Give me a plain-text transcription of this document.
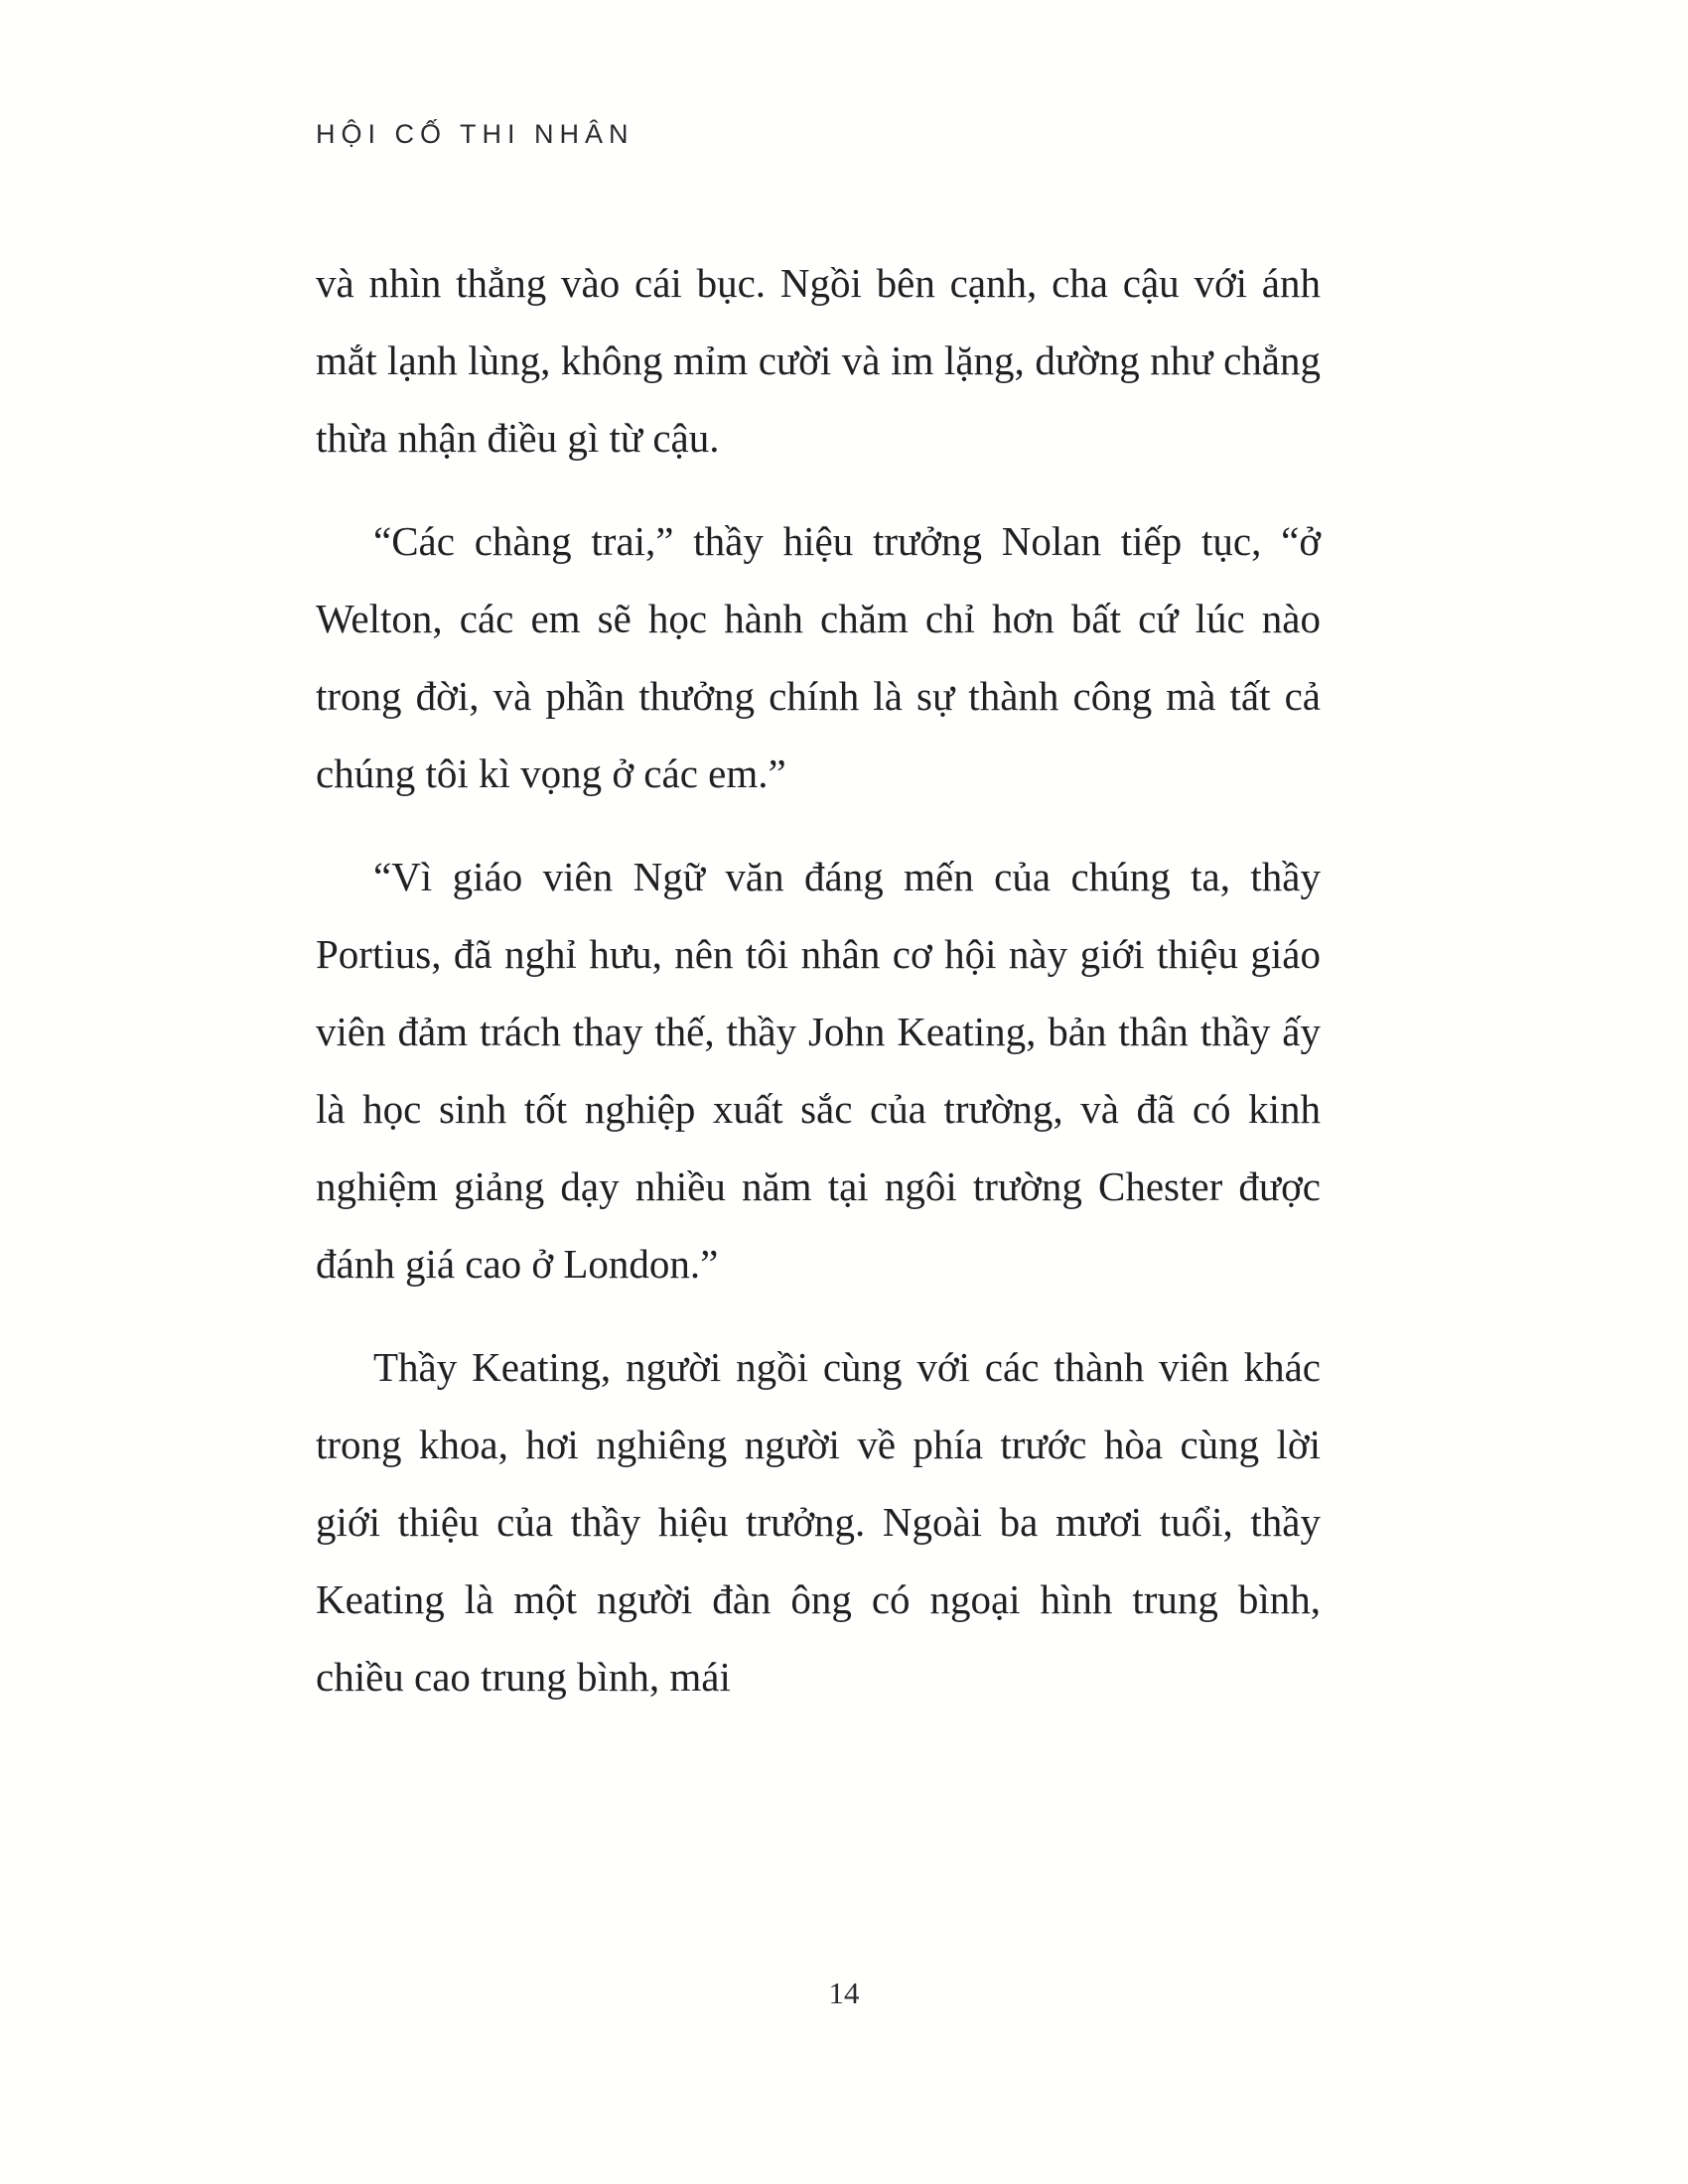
HỘI CỐ THI NHÂN

và nhìn thẳng vào cái bục. Ngồi bên cạnh, cha cậu với ánh mắt lạnh lùng, không mỉm cười và im lặng, dường như chẳng thừa nhận điều gì từ cậu.

“Các chàng trai,” thầy hiệu trưởng Nolan tiếp tục, “ở Welton, các em sẽ học hành chăm chỉ hơn bất cứ lúc nào trong đời, và phần thưởng chính là sự thành công mà tất cả chúng tôi kì vọng ở các em.”

“Vì giáo viên Ngữ văn đáng mến của chúng ta, thầy Portius, đã nghỉ hưu, nên tôi nhân cơ hội này giới thiệu giáo viên đảm trách thay thế, thầy John Keating, bản thân thầy ấy là học sinh tốt nghiệp xuất sắc của trường, và đã có kinh nghiệm giảng dạy nhiều năm tại ngôi trường Chester được đánh giá cao ở London.”

Thầy Keating, người ngồi cùng với các thành viên khác trong khoa, hơi nghiêng người về phía trước hòa cùng lời giới thiệu của thầy hiệu trưởng. Ngoài ba mươi tuổi, thầy Keating là một người đàn ông có ngoại hình trung bình, chiều cao trung bình, mái

14
